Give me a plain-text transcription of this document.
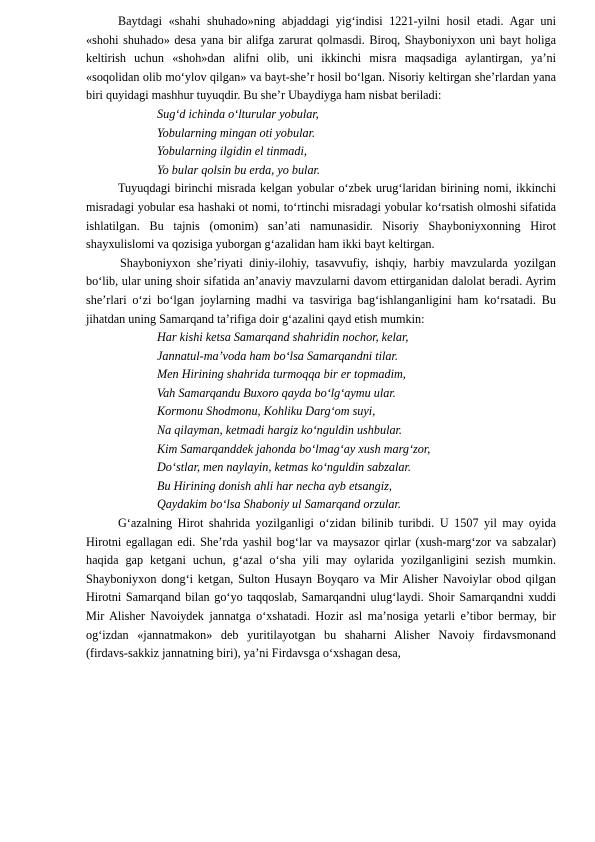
Baytdagi «shahi shuhado»ning abjaddagi yig‘indisi 1221-yilni hosil etadi. Agar uni «shohi shuhado» desa yana bir alifga zarurat qolmasdi. Biroq, Shayboniyxon uni bayt holiga keltirish uchun «shoh»dan alifni olib, uni ikkinchi misra maqsadiga aylantirgan, ya’ni «soqolidan olib mo‘ylov qilgan» va bayt-she’r hosil bo‘lgan. Nisoriy keltirgan she’rlardan yana biri quyidagi mashhur tuyuqdir. Bu she’r Ubaydiyga ham nisbat beriladi:

Sug‘d ichinda o‘lturular yobular,

Yobularning mingan oti yobular.

Yobularning ilgidin el tinmadi,

Yo bular qolsin bu erda, yo bular.

Tuyuqdagi birinchi misrada kelgan yobular o‘zbek urug‘laridan birining nomi, ikkinchi misradagi yobular esa hashaki ot nomi, to‘rtinchi misradagi yobular ko‘rsatish olmoshi sifatida ishlatilgan. Bu tajnis (omonim) san’ati namunasidir. Nisoriy Shayboniyxonning Hirot shayxulislomi va qozisiga yuborgan g‘azalidan ham ikki bayt keltirgan.

Shayboniyxon she’riyati diniy-ilohiy, tasavvufiy, ishqiy, harbiy mavzularda yozilgan bo‘lib, ular uning shoir sifatida an’anaviy mavzularni davom ettirganidan dalolat beradi. Ayrim she’rlari o‘zi bo‘lgan joylarning madhi va tasviriga bag‘ishlanganligini ham ko‘rsatadi. Bu jihatdan uning Samarqand ta’rifiga doir g‘azalini qayd etish mumkin:

Har kishi ketsa Samarqand shahridin nochor, kelar,

Jannatul-ma’voda ham bo‘lsa Samarqandni tilar.

Men Hirining shahrida turmoqqa bir er topmadim,

Vah Samarqandu Buxoro qayda bo‘lg‘aymu ular.

Kormonu Shodmonu, Kohliku Darg‘om suyi,

Na qilayman, ketmadi hargiz ko‘nguldin ushbular.

Kim Samarqanddek jahonda bo‘lmag‘ay xush marg‘zor,

Do‘stlar, men naylayin, ketmas ko‘nguldin sabzalar.

Bu Hirining donish ahli har necha ayb etsangiz,

Qaydakim bo‘lsa Shaboniy ul Samarqand orzular.

G‘azalning Hirot shahrida yozilganligi o‘zidan bilinib turibdi. U 1507 yil may oyida Hirotni egallagan edi. She’rda yashil bog‘lar va maysazor qirlar (xush-marg‘zor va sabzalar) haqida gap ketgani uchun, g‘azal o‘sha yili may oylarida yozilganligini sezish mumkin. Shayboniyxon dong‘i ketgan, Sulton Husayn Boyqaro va Mir Alisher Navoiylar obod qilgan Hirotni Samarqand bilan go‘yo taqqoslab, Samarqandni ulug‘laydi. Shoir Samarqandni xuddi Mir Alisher Navoiydek jannatga o‘xshatadi. Hozir asl ma’nosiga yetarli e’tibor bermay, bir og‘izdan «jannatmakon» deb yuritilayotgan bu shaharni Alisher Navoiy firdavsmonand (firdavs-sakkiz jannatning biri), ya’ni Firdavsga o‘xshagan desa,
